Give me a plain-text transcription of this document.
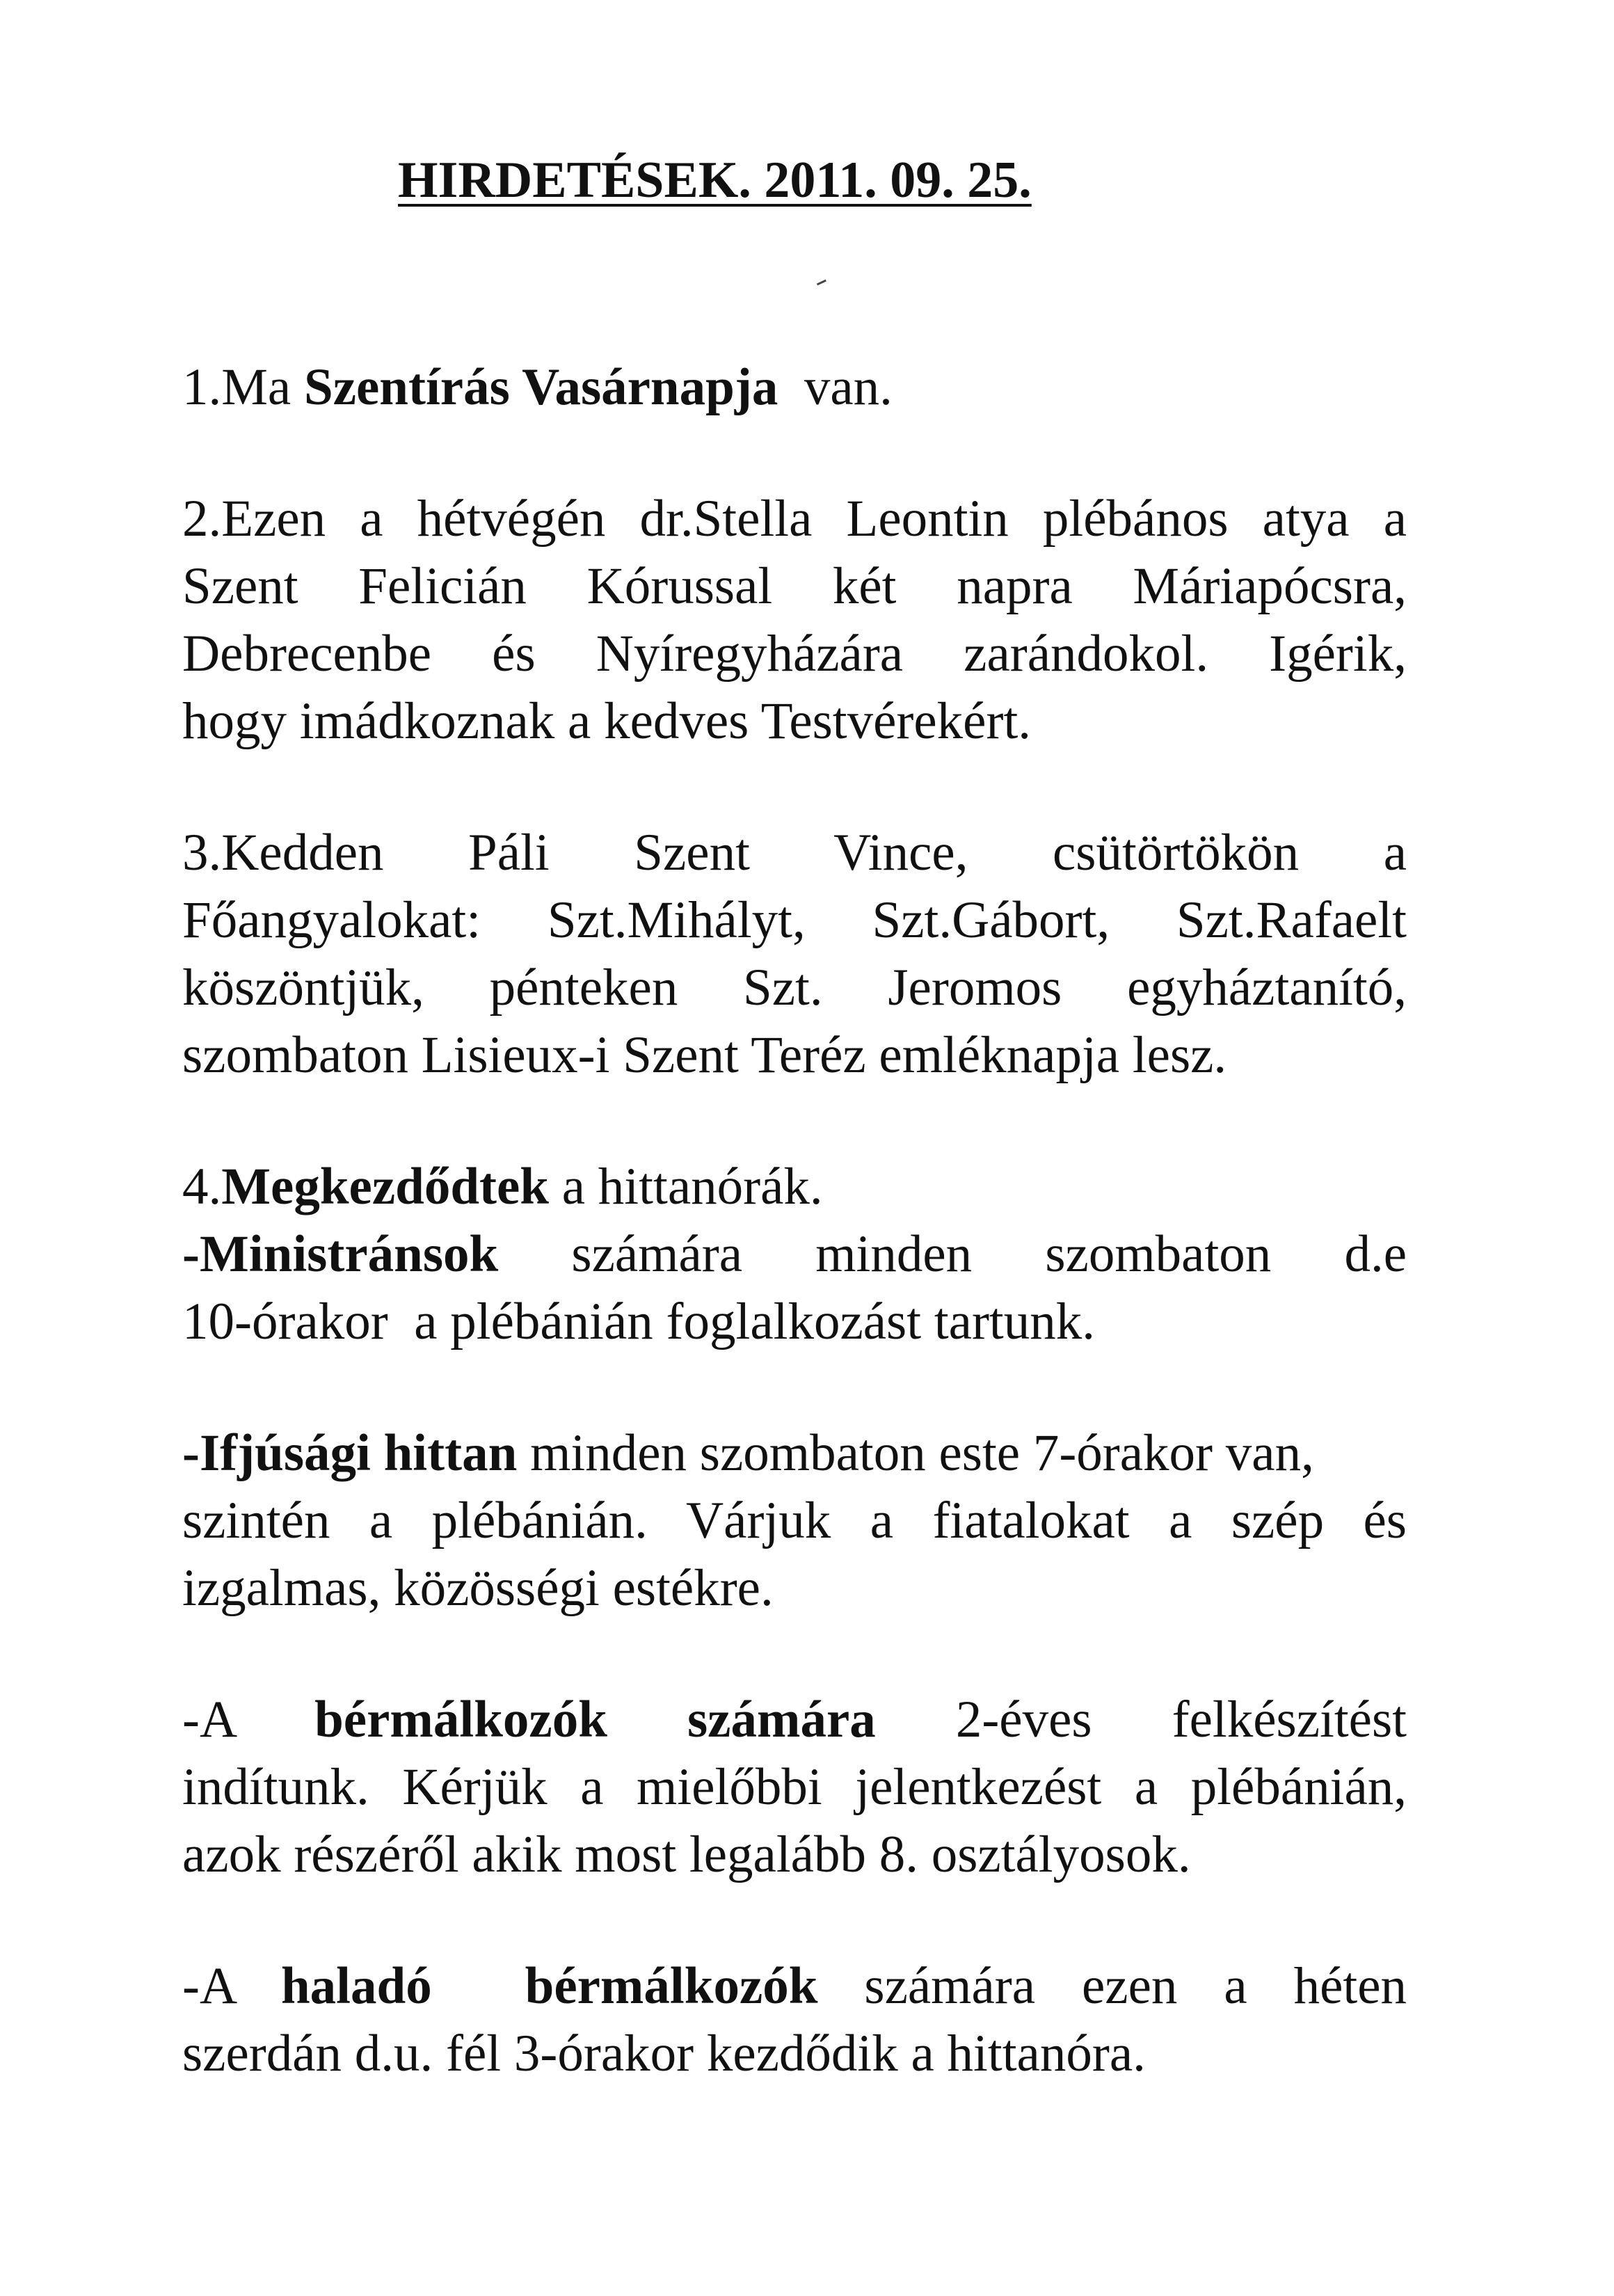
HIRDETÉSEK. 2011. 09. 25.

1.Ma Szentírás Vasárnapja  van.

2.Ezen a hétvégén dr.Stella Leontin plébános atya a
Szent Felicián Kórussal két napra Máriapócsra,
Debrecenbe és Nyíregyházára zarándokol. Igérik,
hogy imádkoznak a kedves Testvérekért.

3.Kedden Páli Szent Vince, csütörtökön a
Főangyalokat: Szt.Mihályt, Szt.Gábort, Szt.Rafaelt
köszöntjük, pénteken Szt. Jeromos egyháztanító,
szombaton Lisieux-i Szent Teréz emléknapja lesz.

4.Megkezdődtek a hittanórák.
-Ministránsok számára minden szombaton d.e
10-órakor  a plébánián foglalkozást tartunk.

-Ifjúsági hittan minden szombaton este 7-órakor van,
szintén a plébánián. Várjuk a fiatalokat a szép és
izgalmas, közösségi estékre.

-A bérmálkozók számára 2-éves felkészítést
indítunk. Kérjük a mielőbbi jelentkezést a plébánián,
azok részéről akik most legalább 8. osztályosok.

-A haladó  bérmálkozók számára ezen a héten
szerdán d.u. fél 3-órakor kezdődik a hittanóra.
